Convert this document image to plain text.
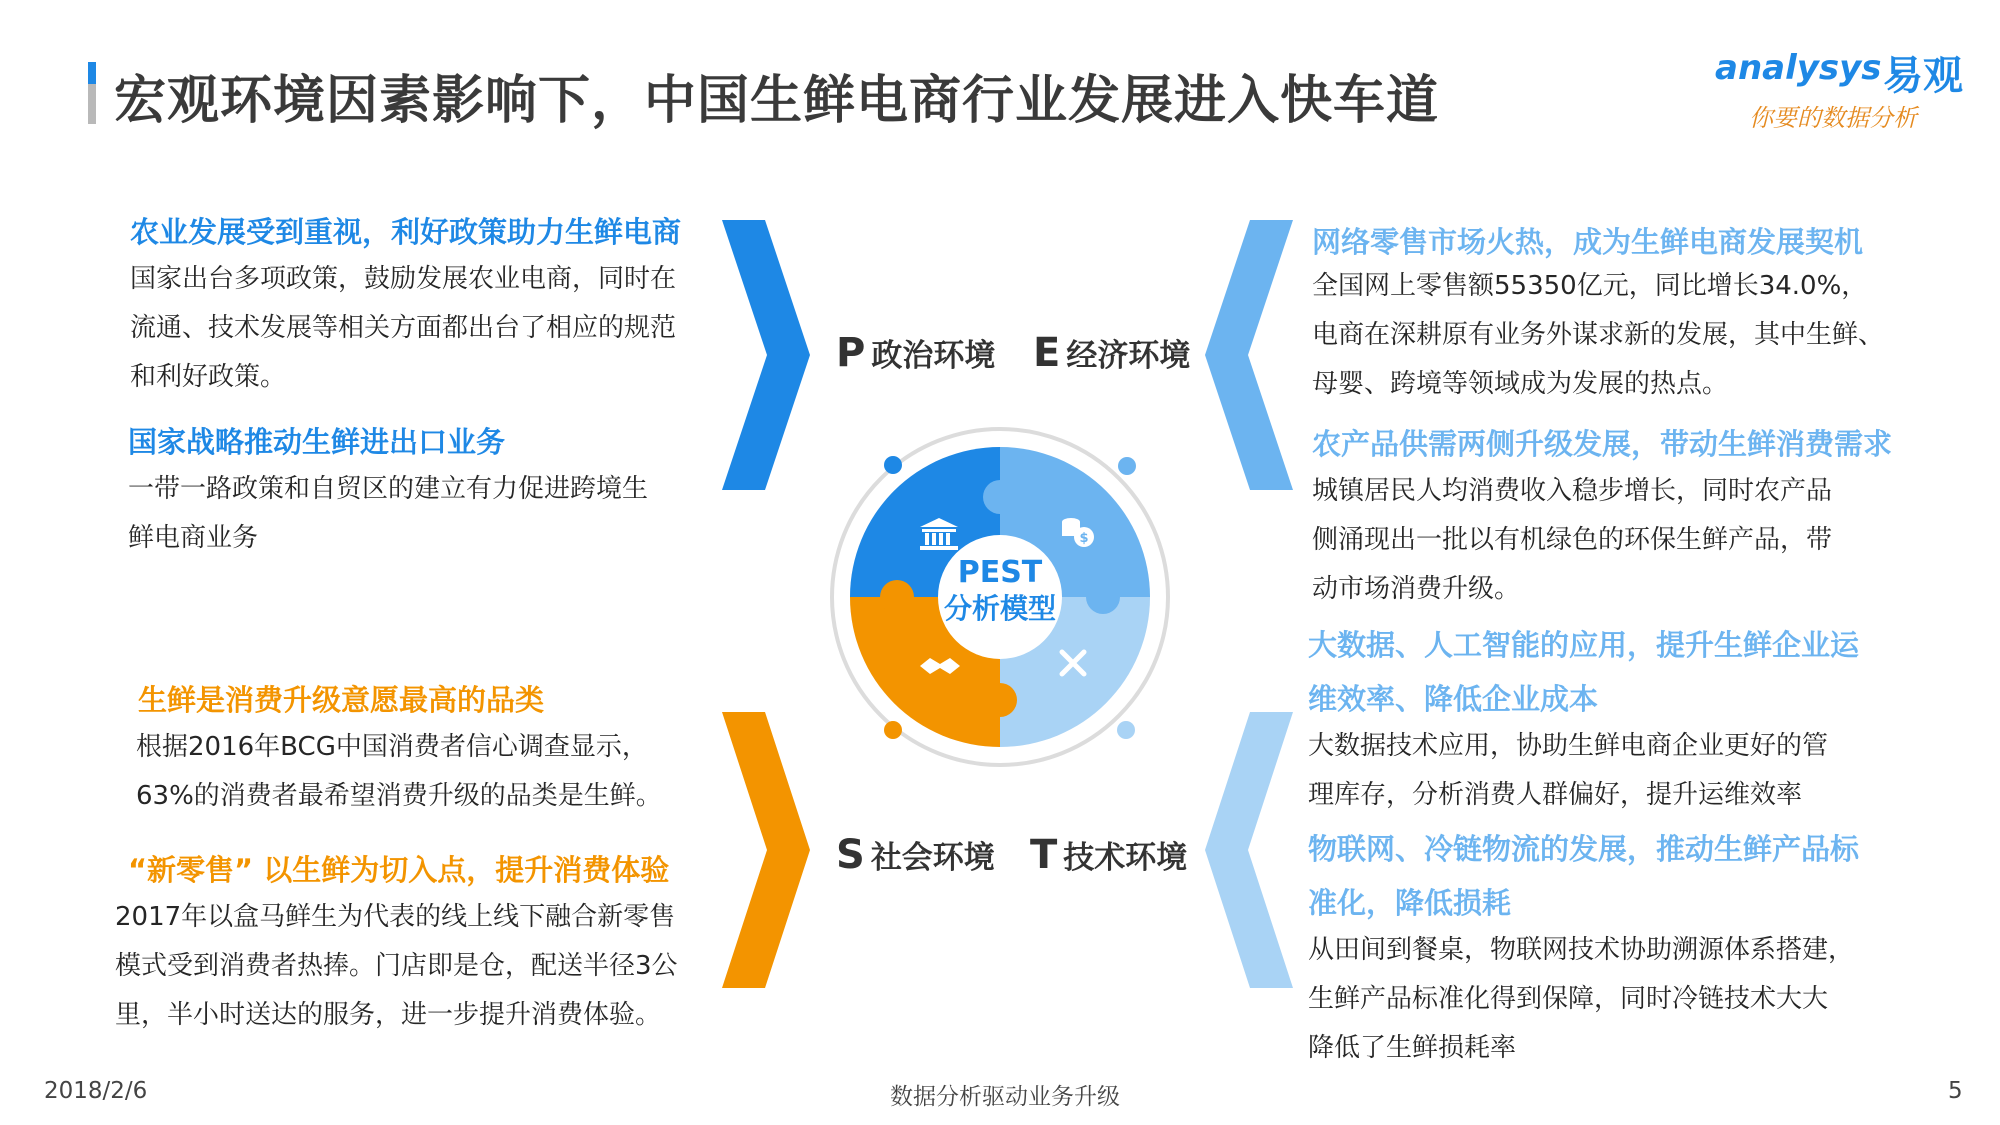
宏观环境因素影响下，中国生鲜电商行业发展进入快车道
analysys 易观
你要的数据分析
$
PEST
分析模型
P 政治环境 E 经济环境
S 社会环境 T 技术环境
农业发展受到重视，利好政策助力生鲜电商
国家出台多项政策，鼓励发展农业电商，同时在
流通、技术发展等相关方面都出台了相应的规范
和利好政策。
国家战略推动生鲜进出口业务
一带一路政策和自贸区的建立有力促进跨境生
鲜电商业务
网络零售市场火热，成为生鲜电商发展契机
全国网上零售额55350亿元，同比增长34.0%，
电商在深耕原有业务外谋求新的发展，其中生鲜、
母婴、跨境等领域成为发展的热点。
农产品供需两侧升级发展，带动生鲜消费需求
城镇居民人均消费收入稳步增长，同时农产品
侧涌现出一批以有机绿色的环保生鲜产品，带
动市场消费升级。
生鲜是消费升级意愿最高的品类
根据2016年BCG中国消费者信心调查显示，
63%的消费者最希望消费升级的品类是生鲜。
“新零售” 以生鲜为切入点，提升消费体验
2017年以盒马鲜生为代表的线上线下融合新零售
模式受到消费者热捧。门店即是仓，配送半径3公
里，半小时送达的服务，进一步提升消费体验。
大数据、人工智能的应用，提升生鲜企业运
维效率、降低企业成本
大数据技术应用，协助生鲜电商企业更好的管
理库存，分析消费人群偏好，提升运维效率
物联网、冷链物流的发展，推动生鲜产品标
准化，降低损耗
从田间到餐桌，物联网技术协助溯源体系搭建，
生鲜产品标准化得到保障，同时冷链技术大大
降低了生鲜损耗率
2018/2/6	数据分析驱动业务升级	5
